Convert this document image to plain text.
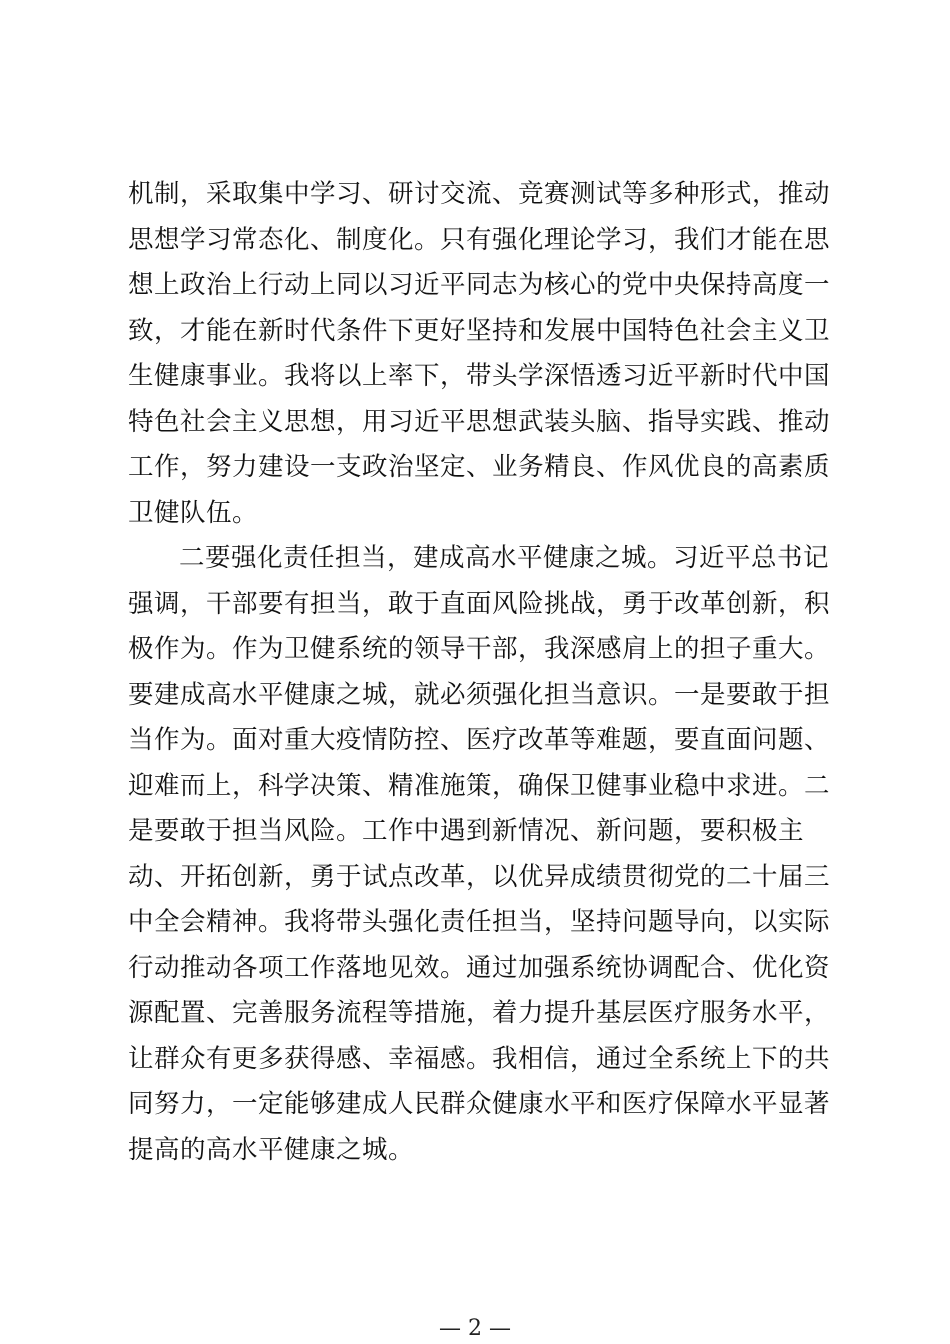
机制，采取集中学习、研讨交流、竞赛测试等多种形式，推动
思想学习常态化、制度化。只有强化理论学习，我们才能在思
想上政治上行动上同以习近平同志为核心的党中央保持高度一
致，才能在新时代条件下更好坚持和发展中国特色社会主义卫
生健康事业。我将以上率下，带头学深悟透习近平新时代中国
特色社会主义思想，用习近平思想武装头脑、指导实践、推动
工作，努力建设一支政治坚定、业务精良、作风优良的高素质
卫健队伍。
二要强化责任担当，建成高水平健康之城。习近平总书记
强调，干部要有担当，敢于直面风险挑战，勇于改革创新，积
极作为。作为卫健系统的领导干部，我深感肩上的担子重大。
要建成高水平健康之城，就必须强化担当意识。一是要敢于担
当作为。面对重大疫情防控、医疗改革等难题，要直面问题、
迎难而上，科学决策、精准施策，确保卫健事业稳中求进。二
是要敢于担当风险。工作中遇到新情况、新问题，要积极主
动、开拓创新，勇于试点改革，以优异成绩贯彻党的二十届三
中全会精神。我将带头强化责任担当，坚持问题导向，以实际
行动推动各项工作落地见效。通过加强系统协调配合、优化资
源配置、完善服务流程等措施，着力提升基层医疗服务水平，
让群众有更多获得感、幸福感。我相信，通过全系统上下的共
同努力，一定能够建成人民群众健康水平和医疗保障水平显著
提高的高水平健康之城。
— 2 —
